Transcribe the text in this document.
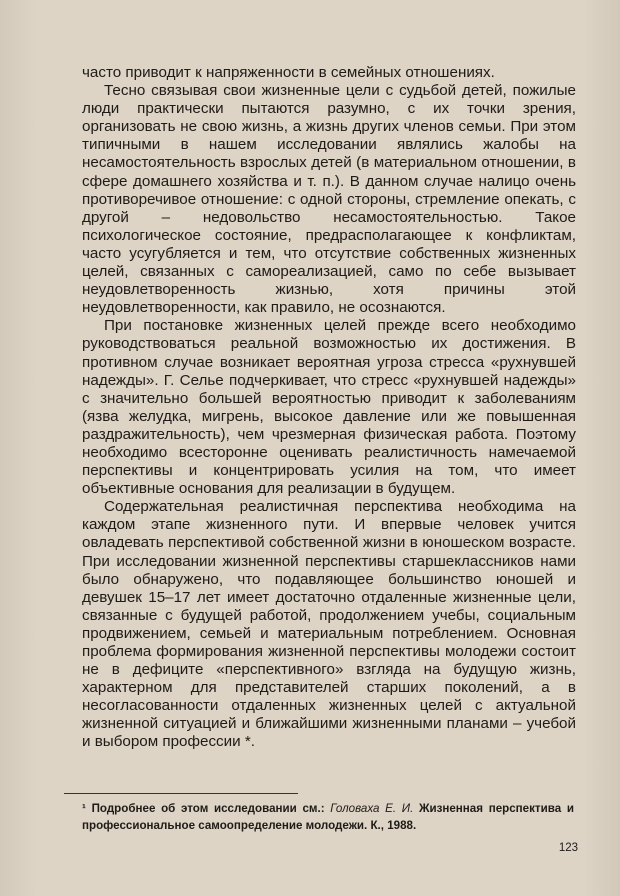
часто приводит к напряженности в семейных отношениях.

Тесно связывая свои жизненные цели с судьбой детей, пожилые люди практически пытаются разумно, с их точки зрения, организовать не свою жизнь, а жизнь других членов семьи. При этом типичными в нашем исследовании являлись жалобы на несамостоятельность взрослых детей (в материальном отношении, в сфере домашнего хозяйства и т. п.). В данном случае налицо очень противоречивое отношение: с одной стороны, стремление опекать, с другой – недовольство несамостоятельностью. Такое психологическое состояние, предрасполагающее к конфликтам, часто усугубляется и тем, что отсутствие собственных жизненных целей, связанных с самореализацией, само по себе вызывает неудовлетворенность жизнью, хотя причины этой неудовлетворенности, как правило, не осознаются.

При постановке жизненных целей прежде всего необходимо руководствоваться реальной возможностью их достижения. В противном случае возникает вероятная угроза стресса «рухнувшей надежды». Г. Селье подчеркивает, что стресс «рухнувшей надежды» с значительно большей вероятностью приводит к заболеваниям (язва желудка, мигрень, высокое давление или же повышенная раздражительность), чем чрезмерная физическая работа. Поэтому необходимо всесторонне оценивать реалистичность намечаемой перспективы и концентрировать усилия на том, что имеет объективные основания для реализации в будущем.

Содержательная реалистичная перспектива необходима на каждом этапе жизненного пути. И впервые человек учится овладевать перспективой собственной жизни в юношеском возрасте. При исследовании жизненной перспективы старшеклассников нами было обнаружено, что подавляющее большинство юношей и девушек 15–17 лет имеет достаточно отдаленные жизненные цели, связанные с будущей работой, продолжением учебы, социальным продвижением, семьей и материальным потреблением. Основная проблема формирования жизненной перспективы молодежи состоит не в дефиците «перспективного» взгляда на будущую жизнь, характерном для представителей старших поколений, а в несогласованности отдаленных жизненных целей с актуальной жизненной ситуацией и ближайшими жизненными планами – учебой и выбором профессии *.

¹ Подробнее об этом исследовании см.: Головаха Е. И. Жизненная перспектива и профессиональное самоопределение молодежи. К., 1988.
123
